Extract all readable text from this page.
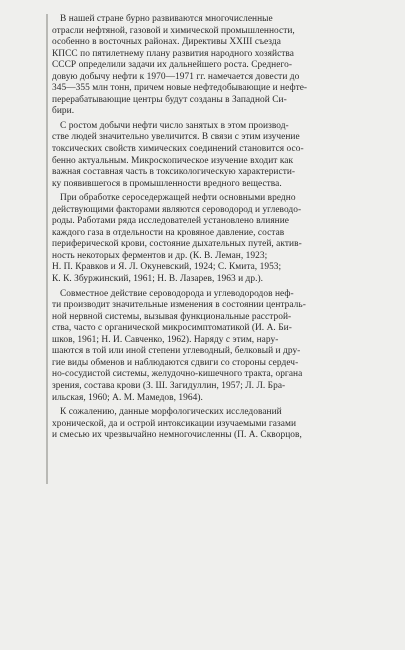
В нашей стране бурно развиваются многочисленные
отрасли нефтяной, газовой и химической промышленности,
особенно в восточных районах. Директивы XXIII съезда
КПСС по пятилетнему плану развития народного хозяйства
СССР определили задачи их дальнейшего роста. Среднего-
довую добычу нефти к 1970—1971 гг. намечается довести до
345—355 млн тонн, причем новые нефтедобывающие и нефте-
перерабатывающие центры будут созданы в Западной Си-
бири.
С ростом добычи нефти число занятых в этом производ-
стве людей значительно увеличится. В связи с этим изучение
токсических свойств химических соединений становится осо-
бенно актуальным. Микроскопическое изучение входит как
важная составная часть в токсикологическую характеристи-
ку появившегося в промышленности вредного вещества.
При обработке сероседержащей нефти основными вредно
действующими факторами являются сероводород и углеводо-
роды. Работами ряда исследователей установлено влияние
каждого газа в отдельности на кровяное давление, состав
периферической крови, состояние дыхательных путей, актив-
ность некоторых ферментов и др. (К. В. Леман, 1923;
Н. П. Кравков и Я. Л. Окуневский, 1924; С. Кмита, 1953;
К. К. Збуржинский, 1961; Н. В. Лазарев, 1963 и др.).
Совместное действие сероводорода и углеводородов неф-
ти производит значительные изменения в состоянии централь-
ной нервной системы, вызывая функциональные расстрой-
ства, часто с органической микросимптоматикой (И. А. Би-
шков, 1961; Н. И. Савченко, 1962). Наряду с этим, нару-
шаются в той или иной степени углеводный, белковый и дру-
гие виды обменов и наблюдаются сдвиги со стороны сердеч-
но-сосудистой системы, желудочно-кишечного тракта, органа
зрения, состава крови (З. Ш. Загидуллин, 1957; Л. Л. Бра-
ильская, 1960; А. М. Мамедов, 1964).
К сожалению, данные морфологических исследований
хронической, да и острой интоксикации изучаемыми газами
и смесью их чрезвычайно немногочисленны (П. А. Скворцов,
